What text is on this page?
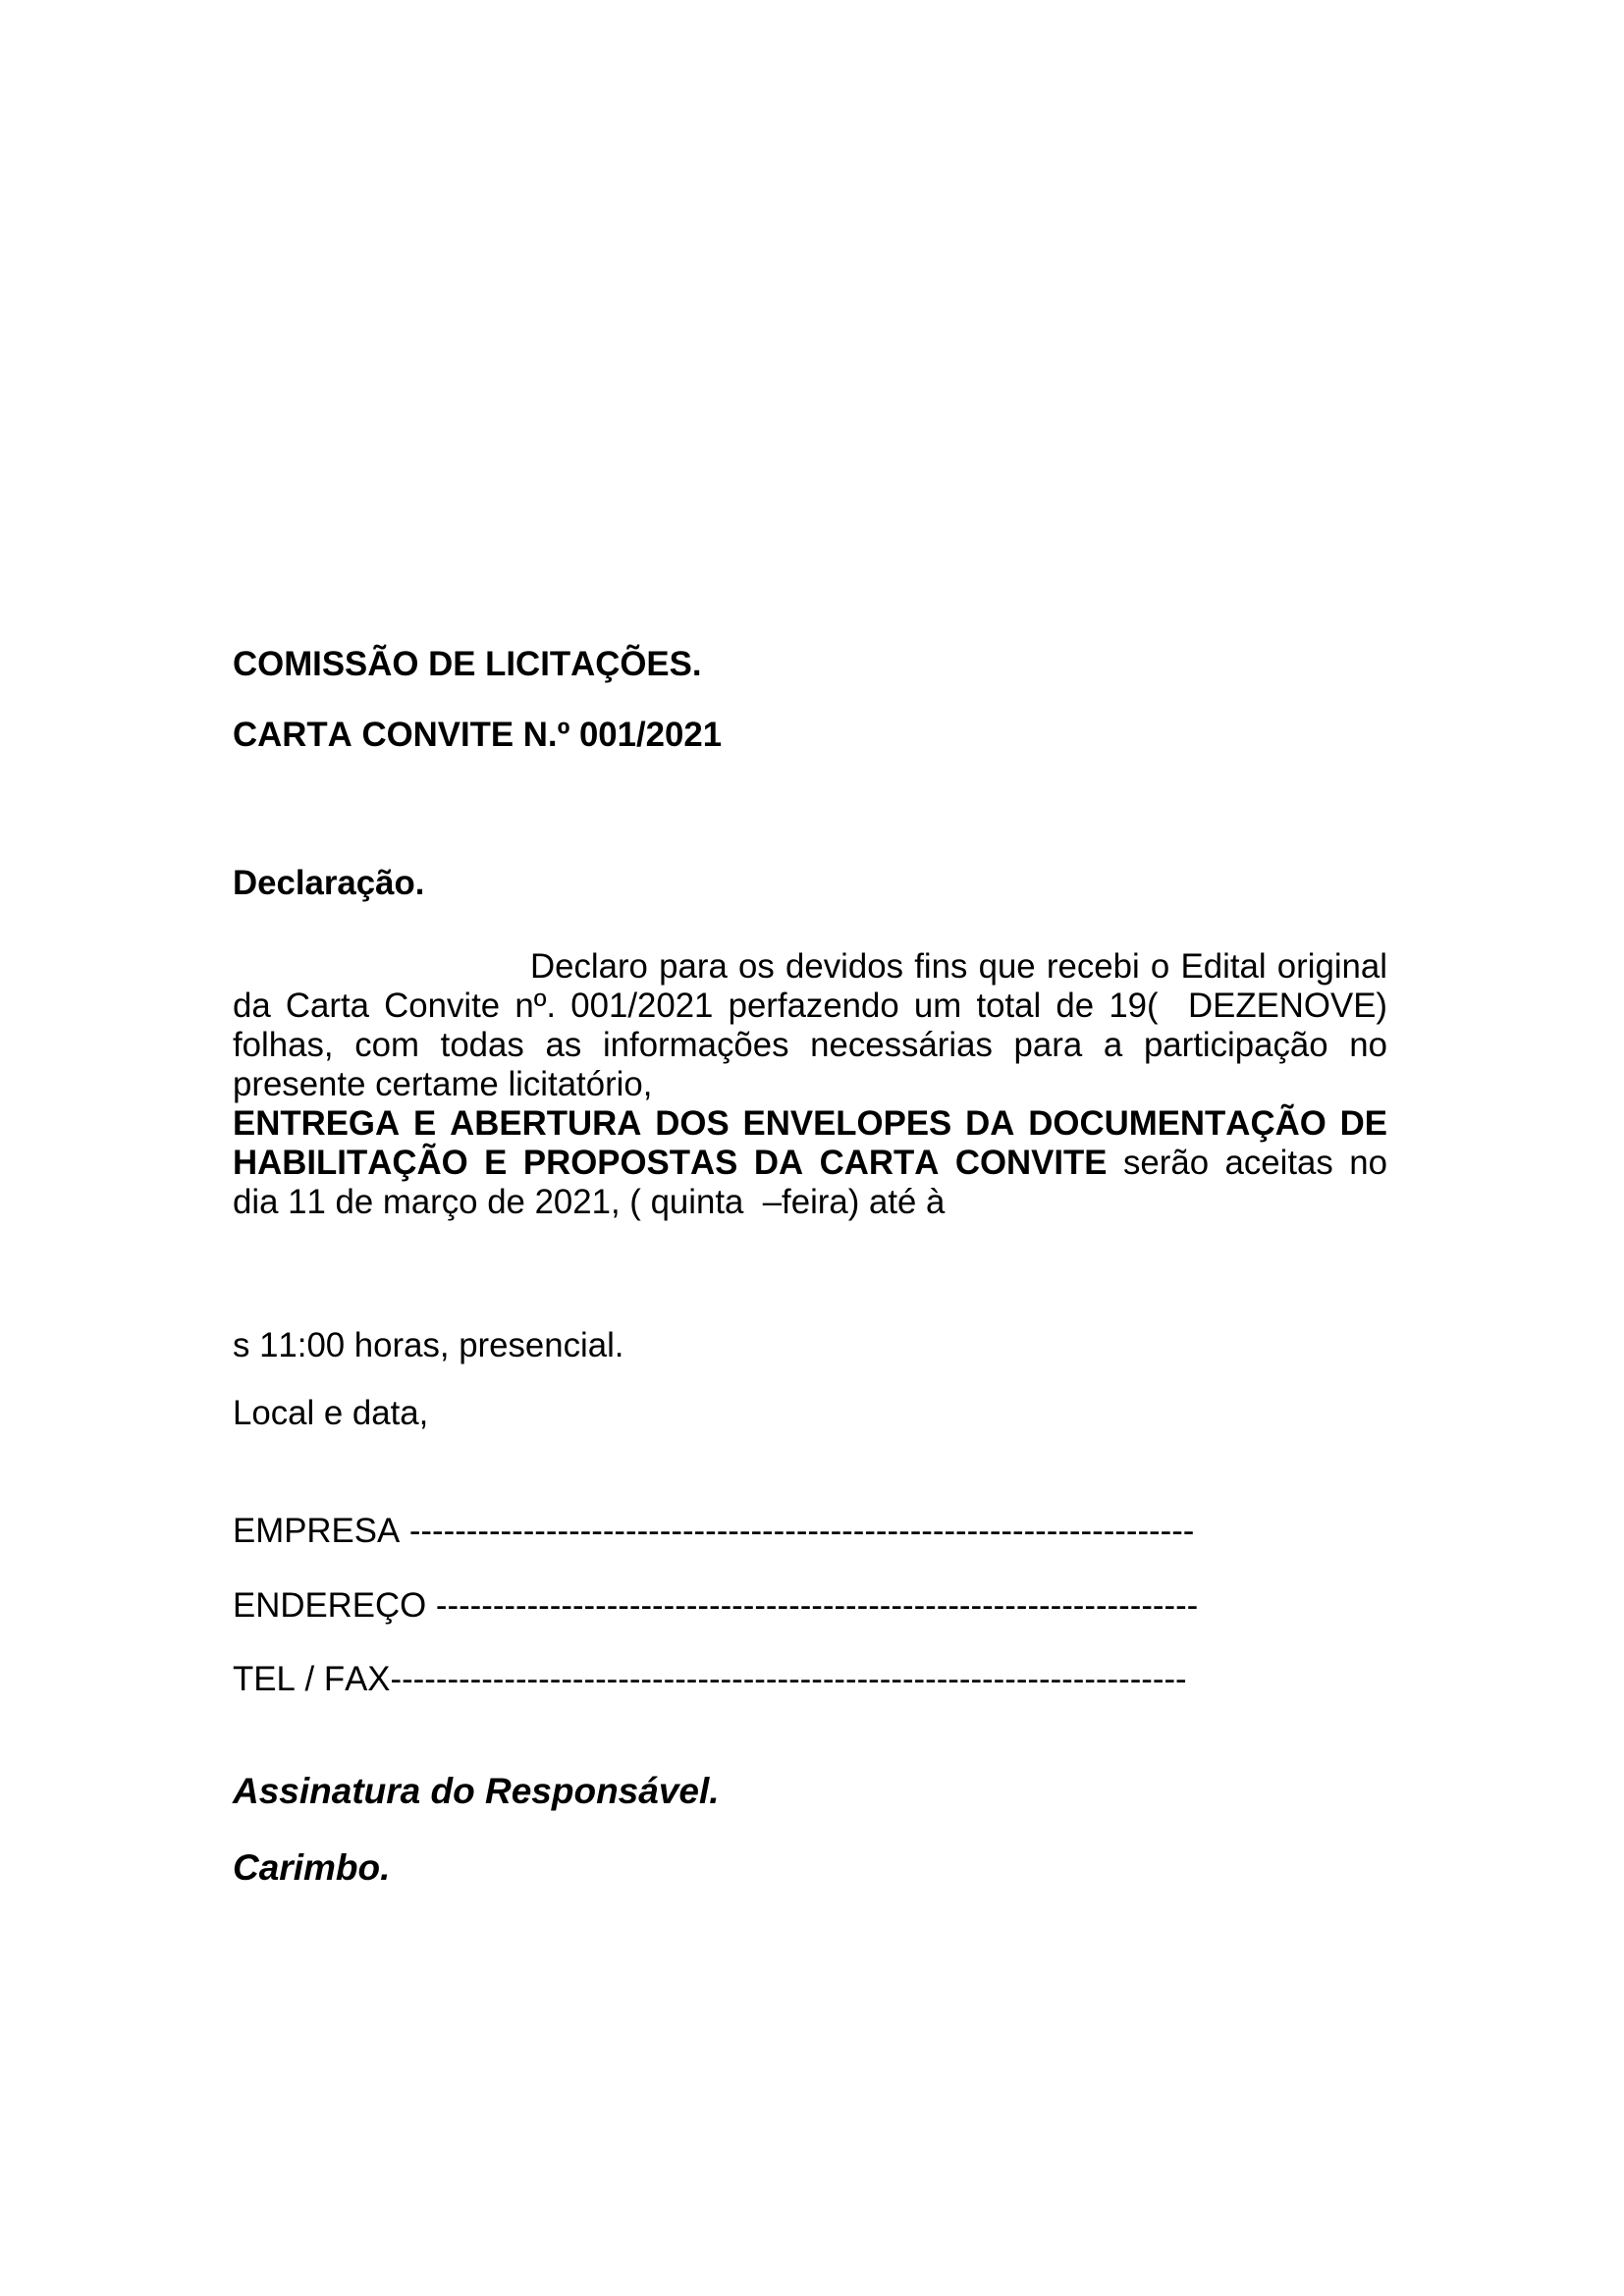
COMISSÃO DE LICITAÇÕES.
CARTA CONVITE N.º 001/2021
Declaração.
Declaro para os devidos fins que recebi o Edital original da Carta Convite nº. 001/2021 perfazendo um total de 19(  DEZENOVE) folhas, com todas as informações necessárias para a participação no presente certame licitatório,
ENTREGA E ABERTURA DOS ENVELOPES DA DOCUMENTAÇÃO DE HABILITAÇÃO E PROPOSTAS DA CARTA CONVITE serão aceitas no dia 11 de março de 2021, ( quinta  –feira) até à
s 11:00 horas, presencial.
Local e data,
EMPRESA ---------------------------------------------------------------------
ENDEREÇO -------------------------------------------------------------------
TEL / FAX----------------------------------------------------------------------
Assinatura do Responsável.
Carimbo.
